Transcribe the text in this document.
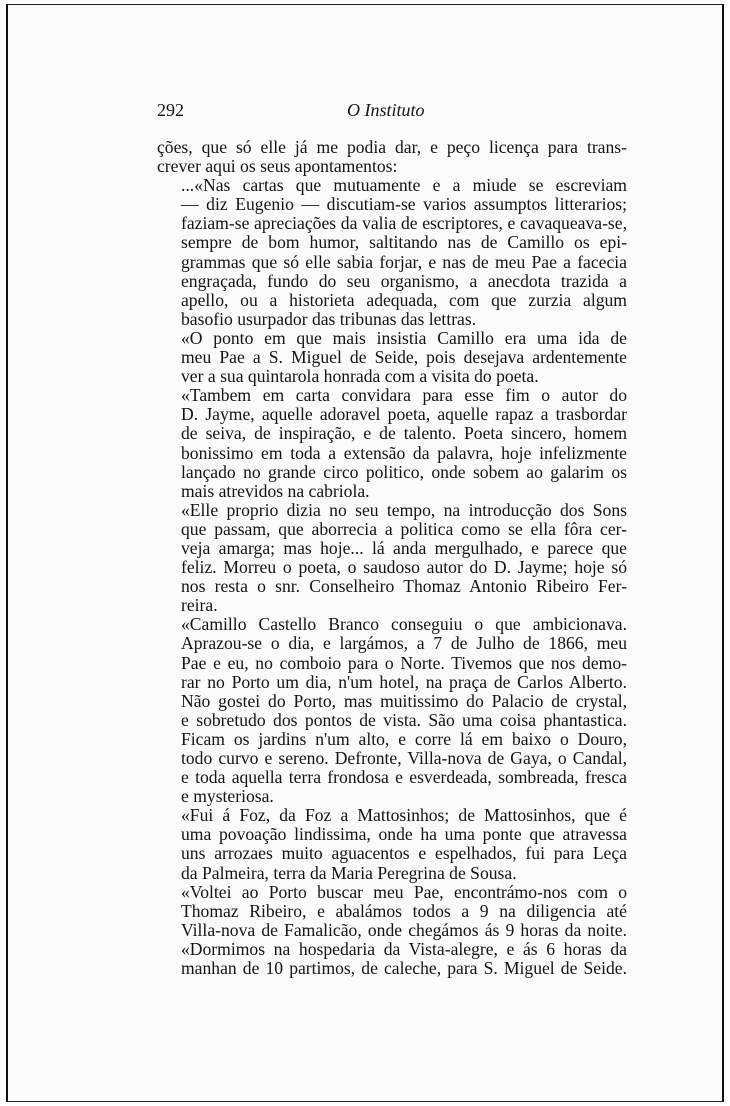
292	O Instituto

ções, que só elle já me podia dar, e peço licença para trans-
crever aqui os seus apontamentos:

...«Nas cartas que mutuamente e a miude se escreviam
— diz Eugenio — discutiam-se varios assumptos litterarios;
faziam-se apreciações da valia de escriptores, e cavaqueava-se,
sempre de bom humor, saltitando nas de Camillo os epi-
grammas que só elle sabia forjar, e nas de meu Pae a facecia
engraçada, fundo do seu organismo, a anecdota trazida a
apello, ou a historieta adequada, com que zurzia algum
basofio usurpador das tribunas das lettras.

«O ponto em que mais insistia Camillo era uma ida de
meu Pae a S. Miguel de Seide, pois desejava ardentemente
ver a sua quintarola honrada com a visita do poeta.

«Tambem em carta convidara para esse fim o autor do
D. Jayme, aquelle adoravel poeta, aquelle rapaz a trasbordar
de seiva, de inspiração, e de talento. Poeta sincero, homem
bonissimo em toda a extensão da palavra, hoje infelizmente
lançado no grande circo politico, onde sobem ao galarim os
mais atrevidos na cabriola.

«Elle proprio dizia no seu tempo, na introducção dos Sons
que passam, que aborrecia a politica como se ella fôra cer-
veja amarga; mas hoje... lá anda mergulhado, e parece que
feliz. Morreu o poeta, o saudoso autor do D. Jayme; hoje só
nos resta o snr. Conselheiro Thomaz Antonio Ribeiro Fer-
reira.

«Camillo Castello Branco conseguiu o que ambicionava.
Aprazou-se o dia, e largámos, a 7 de Julho de 1866, meu
Pae e eu, no comboio para o Norte. Tivemos que nos demo-
rar no Porto um dia, n'um hotel, na praça de Carlos Alberto.
Não gostei do Porto, mas muitissimo do Palacio de crystal,
e sobretudo dos pontos de vista. São uma coisa phantastica.
Ficam os jardins n'um alto, e corre lá em baixo o Douro,
todo curvo e sereno. Defronte, Villa-nova de Gaya, o Candal,
e toda aquella terra frondosa e esverdeada, sombreada, fresca
e mysteriosa.

«Fui á Foz, da Foz a Mattosinhos; de Mattosinhos, que é
uma povoação lindissima, onde ha uma ponte que atravessa
uns arrozaes muito aguacentos e espelhados, fui para Leça
da Palmeira, terra da Maria Peregrina de Sousa.

«Voltei ao Porto buscar meu Pae, encontrámo-nos com o
Thomaz Ribeiro, e abalámos todos a 9 na diligencia até
Villa-nova de Famalicão, onde chegámos ás 9 horas da noite.

«Dormimos na hospedaria da Vista-alegre, e ás 6 horas da
manhan de 10 partimos, de caleche, para S. Miguel de Seide.
